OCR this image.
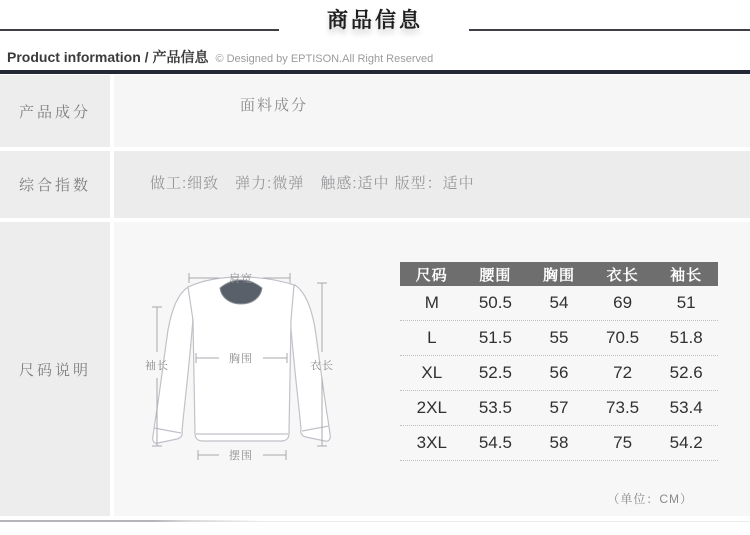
商品信息
Product information / 产品信息 © Designed by EPTISON.All Right Reserved
产品成分	面料成分
综合指数	做工:细致　弹力:微弹　触感:适中 版型：适中
尺码说明
肩宽
袖长
胸围
衣长
摆围
尺码	腰围	胸围	衣长	袖长
M	50.5	54	69	51
L	51.5	55	70.5	51.8
XL	52.5	56	72	52.6
2XL	53.5	57	73.5	53.4
3XL	54.5	58	75	54.2
（单位：CM）
